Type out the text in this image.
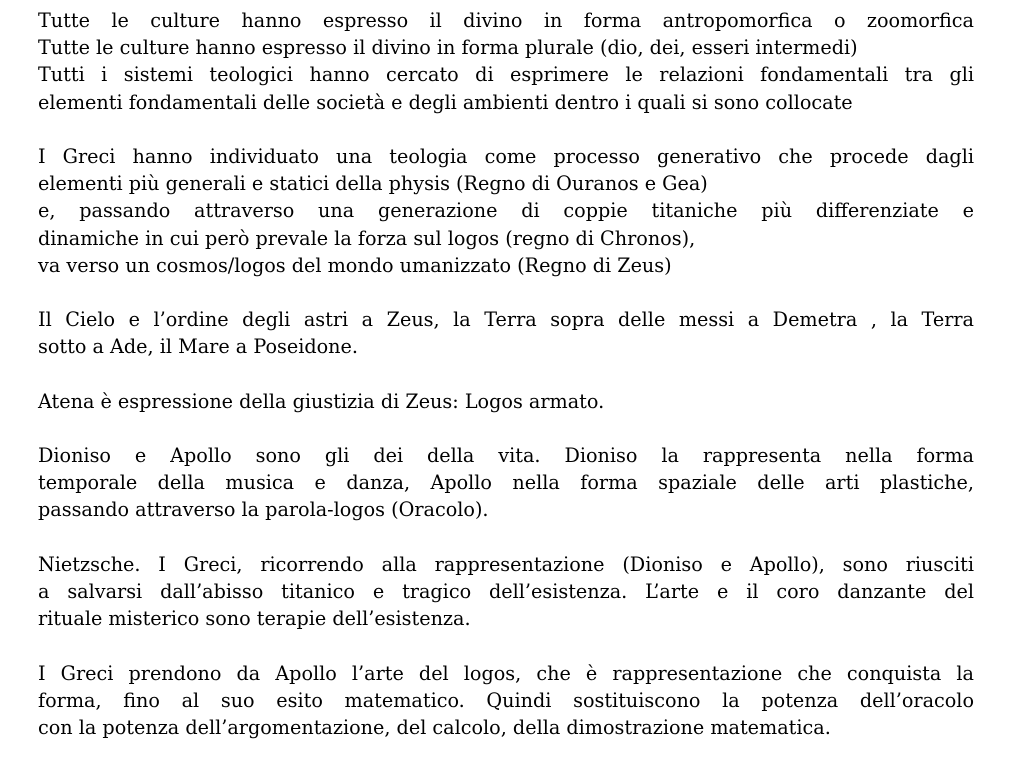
Tutte le culture hanno espresso il divino in forma antropomorfica o zoomorfica
Tutte le culture hanno espresso il divino in forma plurale (dio, dei, esseri intermedi)
Tutti i sistemi teologici hanno cercato di esprimere le relazioni fondamentali tra gli
elementi fondamentali delle società e degli ambienti dentro i quali si sono collocate
I Greci hanno individuato una teologia come processo generativo che procede dagli
elementi più generali e statici della physis (Regno di Ouranos e Gea)
e, passando attraverso una generazione di coppie titaniche più differenziate e
dinamiche in cui però prevale la forza sul logos (regno di Chronos),
va verso un cosmos/logos del mondo umanizzato (Regno di Zeus)
Il Cielo e l’ordine degli astri a Zeus, la Terra sopra delle messi a Demetra , la Terra
sotto a Ade, il Mare a Poseidone.
Atena è espressione della giustizia di Zeus: Logos armato.
Dioniso e Apollo sono gli dei della vita. Dioniso la rappresenta nella forma
temporale della musica e danza, Apollo nella forma spaziale delle arti plastiche,
passando attraverso la parola-logos (Oracolo).
Nietzsche. I Greci, ricorrendo alla rappresentazione (Dioniso e Apollo), sono riusciti
a salvarsi dall’abisso titanico e tragico dell’esistenza. L’arte e il coro danzante del
rituale misterico sono terapie dell’esistenza.
I Greci prendono da Apollo l’arte del logos, che è rappresentazione che conquista la
forma, fino al suo esito matematico. Quindi sostituiscono la potenza dell’oracolo
con la potenza dell’argomentazione, del calcolo, della dimostrazione matematica.
